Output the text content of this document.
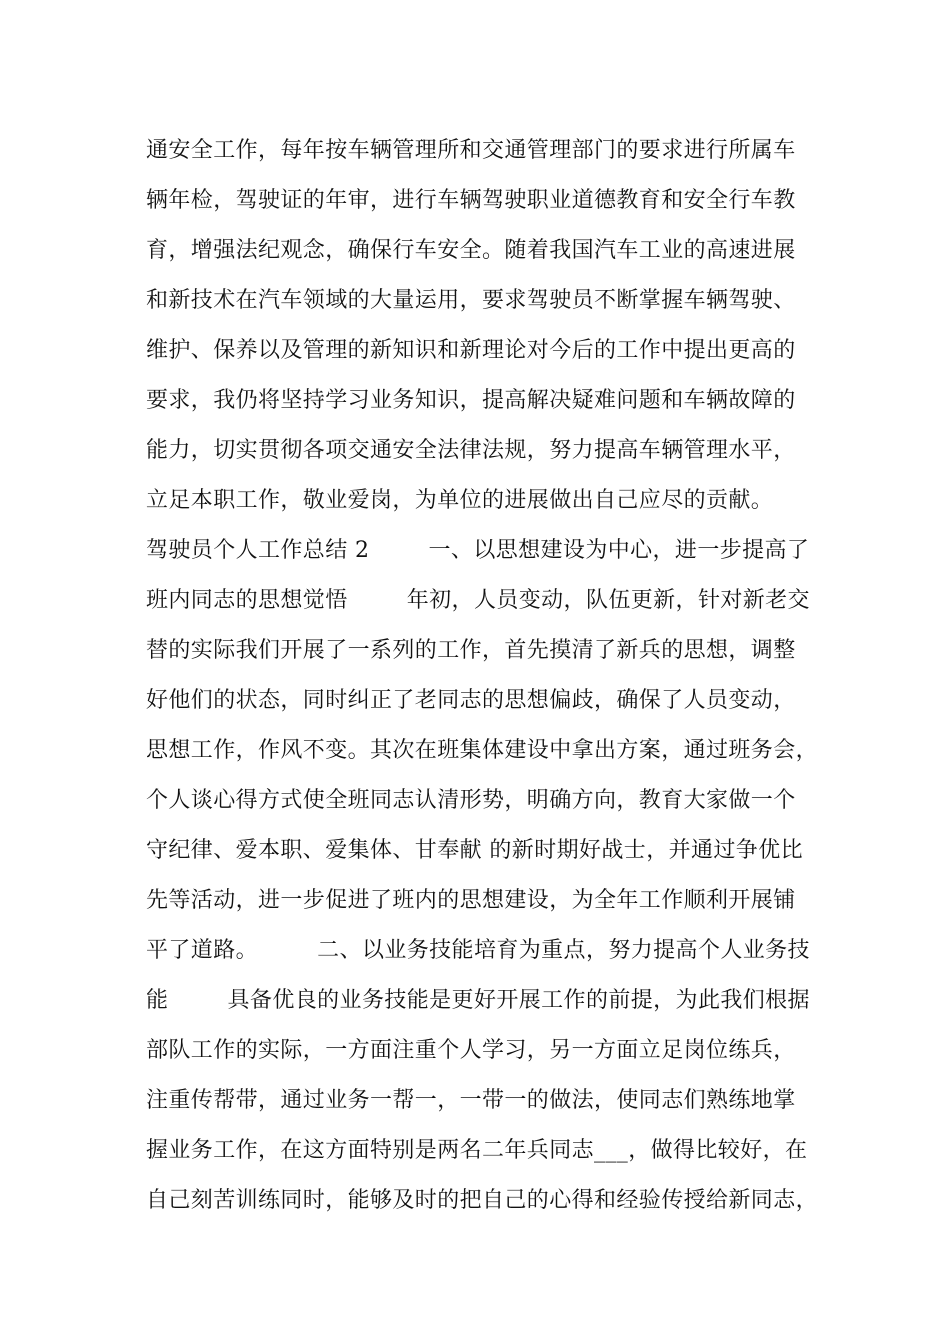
通安全工作，每年按车辆管理所和交通管理部门的要求进行所属车
辆年检，驾驶证的年审，进行车辆驾驶职业道德教育和安全行车教
育，增强法纪观念，确保行车安全。随着我国汽车工业的高速进展
和新技术在汽车领域的大量运用，要求驾驶员不断掌握车辆驾驶、
维护、保养以及管理的新知识和新理论对今后的工作中提出更高的
要求，我仍将坚持学习业务知识，提高解决疑难问题和车辆故障的
能力，切实贯彻各项交通安全法律法规，努力提高车辆管理水平，
立足本职工作，敬业爱岗，为单位的进展做出自己应尽的贡献。
驾驶员个人工作总结 2        一、以思想建设为中心，进一步提高了
班内同志的思想觉悟        年初，人员变动，队伍更新，针对新老交
替的实际我们开展了一系列的工作，首先摸清了新兵的思想，调整
好他们的状态，同时纠正了老同志的思想偏歧，确保了人员变动，
思想工作，作风不变。其次在班集体建设中拿出方案，通过班务会，
个人谈心得方式使全班同志认清形势，明确方向，教育大家做一个
守纪律、爱本职、爱集体、甘奉献 的新时期好战士，并通过争优比
先等活动，进一步促进了班内的思想建设，为全年工作顺利开展铺
平了道路。        二、以业务技能培育为重点，努力提高个人业务技
能        具备优良的业务技能是更好开展工作的前提，为此我们根据
部队工作的实际，一方面注重个人学习，另一方面立足岗位练兵，
注重传帮带，通过业务一帮一，一带一的做法，使同志们熟练地掌
握业务工作，在这方面特别是两名二年兵同志___，做得比较好，在
自己刻苦训练同时，能够及时的把自己的心得和经验传授给新同志，
